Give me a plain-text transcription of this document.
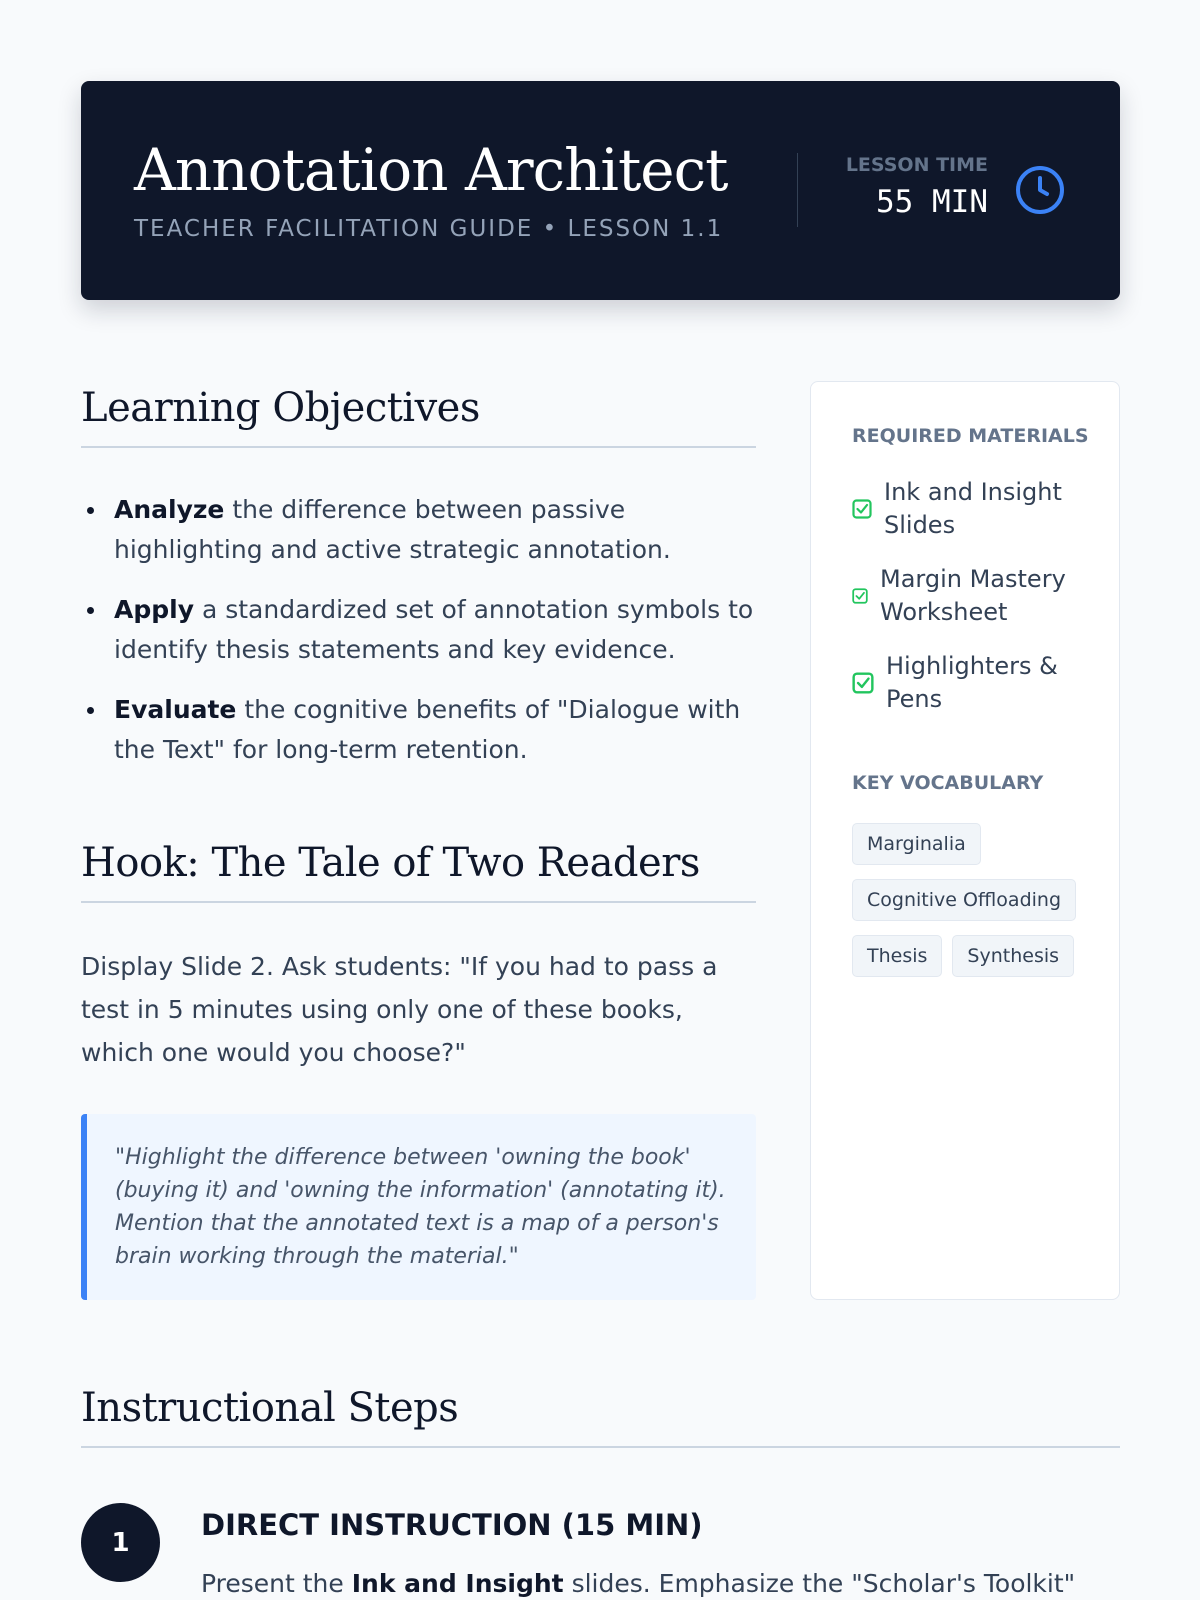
Annotation Architect
TEACHER FACILITATION GUIDE • LESSON 1.1
LESSON TIME
55 MIN
Learning Objectives
Analyze the difference between passive highlighting and active strategic annotation.
Apply a standardized set of annotation symbols to identify thesis statements and key evidence.
Evaluate the cognitive benefits of "Dialogue with the Text" for long-term retention.
Hook: The Tale of Two Readers
Display Slide 2. Ask students: "If you had to pass a test in 5 minutes using only one of these books, which one would you choose?"
"Highlight the difference between 'owning the book' (buying it) and 'owning the information' (annotating it). Mention that the annotated text is a map of a person's brain working through the material."
REQUIRED MATERIALS
Ink and Insight Slides
Margin Mastery Worksheet
Highlighters & Pens
KEY VOCABULARY
Marginalia
Cognitive Offloading
Thesis Synthesis
Instructional Steps
1
DIRECT INSTRUCTION (15 MIN)
Present the Ink and Insight slides. Emphasize the "Scholar's Toolkit"
